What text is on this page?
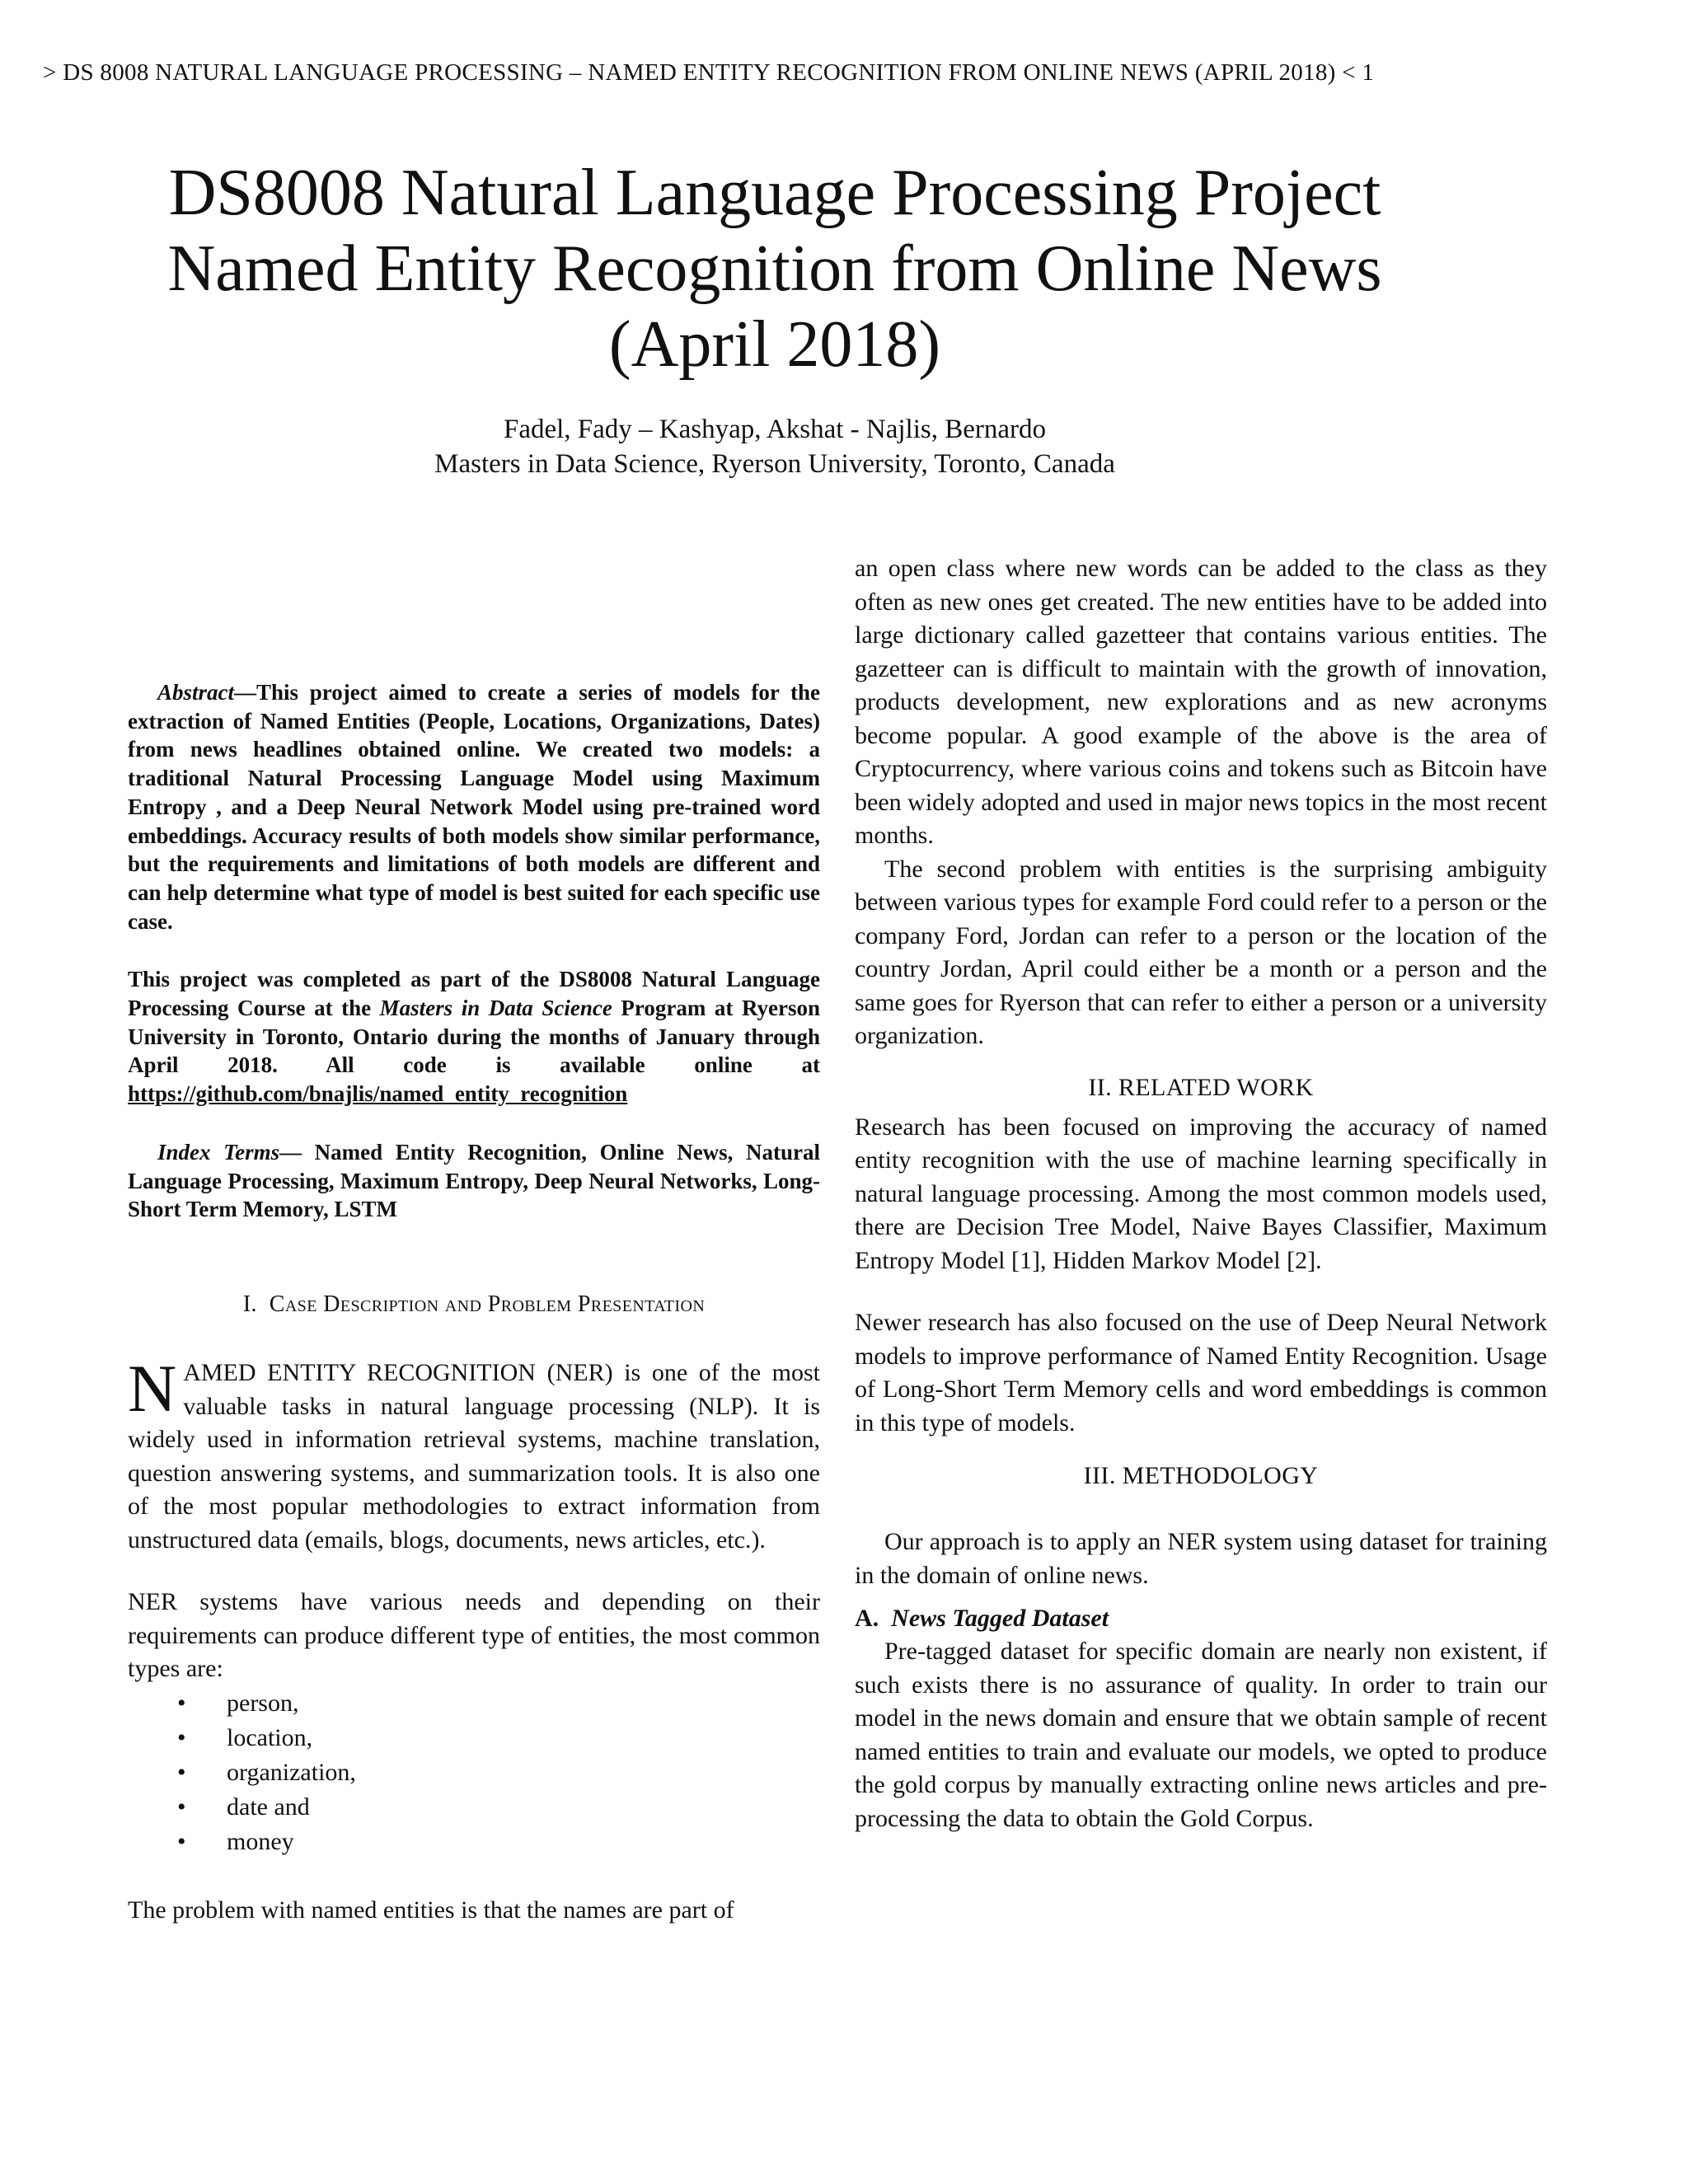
> DS 8008 NATURAL LANGUAGE PROCESSING – NAMED ENTITY RECOGNITION FROM ONLINE NEWS (APRIL 2018) < 1
DS8008 Natural Language Processing Project
Named Entity Recognition from Online News
(April 2018)
Fadel, Fady – Kashyap, Akshat - Najlis, Bernardo
Masters in Data Science, Ryerson University, Toronto, Canada

Abstract—This project aimed to create a series of models for the extraction of Named Entities (People, Locations, Organizations, Dates) from news headlines obtained online. We created two models: a traditional Natural Processing Language Model using Maximum Entropy , and a Deep Neural Network Model using pre-trained word embeddings. Accuracy results of both models show similar performance, but the requirements and limitations of both models are different and can help determine what type of model is best suited for each specific use case.

This project was completed as part of the DS8008 Natural Language Processing Course at the Masters in Data Science Program at Ryerson University in Toronto, Ontario during the months of January through April 2018. All code is available online at https://github.com/bnajlis/named_entity_recognition

Index Terms— Named Entity Recognition, Online News, Natural Language Processing, Maximum Entropy, Deep Neural Networks, Long-Short Term Memory, LSTM

I. Case Description and Problem Presentation

NAMED ENTITY RECOGNITION (NER) is one of the most valuable tasks in natural language processing (NLP). It is widely used in information retrieval systems, machine translation, question answering systems, and summarization tools. It is also one of the most popular methodologies to extract information from unstructured data (emails, blogs, documents, news articles, etc.).

NER systems have various needs and depending on their requirements can produce different type of entities, the most common types are:

• person,
• location,
• organization,
• date and
• money

The problem with named entities is that the names are part of

an open class where new words can be added to the class as they often as new ones get created. The new entities have to be added into large dictionary called gazetteer that contains various entities. The gazetteer can is difficult to maintain with the growth of innovation, products development, new explorations and as new acronyms become popular. A good example of the above is the area of Cryptocurrency, where various coins and tokens such as Bitcoin have been widely adopted and used in major news topics in the most recent months.

The second problem with entities is the surprising ambiguity between various types for example Ford could refer to a person or the company Ford, Jordan can refer to a person or the location of the country Jordan, April could either be a month or a person and the same goes for Ryerson that can refer to either a person or a university organization.

II. RELATED WORK

Research has been focused on improving the accuracy of named entity recognition with the use of machine learning specifically in natural language processing. Among the most common models used, there are Decision Tree Model, Naive Bayes Classifier, Maximum Entropy Model [1], Hidden Markov Model [2].

Newer research has also focused on the use of Deep Neural Network models to improve performance of Named Entity Recognition. Usage of Long-Short Term Memory cells and word embeddings is common in this type of models.

III. METHODOLOGY

Our approach is to apply an NER system using dataset for training in the domain of online news.

A. News Tagged Dataset

Pre-tagged dataset for specific domain are nearly non existent, if such exists there is no assurance of quality. In order to train our model in the news domain and ensure that we obtain sample of recent named entities to train and evaluate our models, we opted to produce the gold corpus by manually extracting online news articles and pre-processing the data to obtain the Gold Corpus.
